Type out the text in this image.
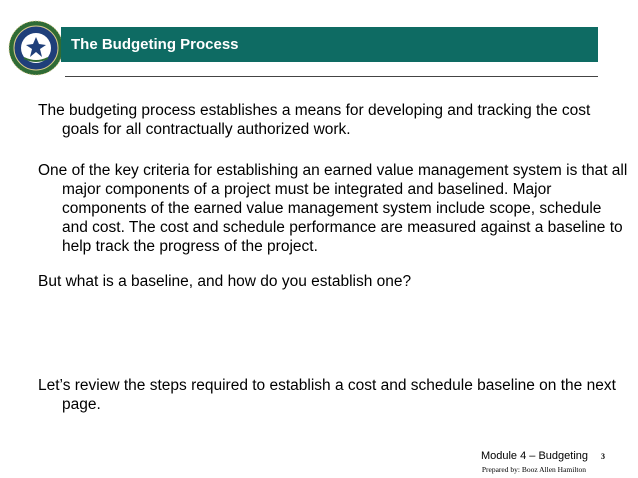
The Budgeting Process
The budgeting process establishes a means for developing and tracking the cost goals for all contractually authorized work.
One of the key criteria for establishing an earned value management system is that all major components of a project must be integrated and baselined. Major components of the earned value management system include scope, schedule and cost. The cost and schedule performance are measured against a baseline to help track the progress of the project.
But what is a baseline, and how do you establish one?
Let’s review the steps required to establish a cost and schedule baseline on the next page.
Module 4 – Budgeting 3
Prepared by: Booz Allen Hamilton
